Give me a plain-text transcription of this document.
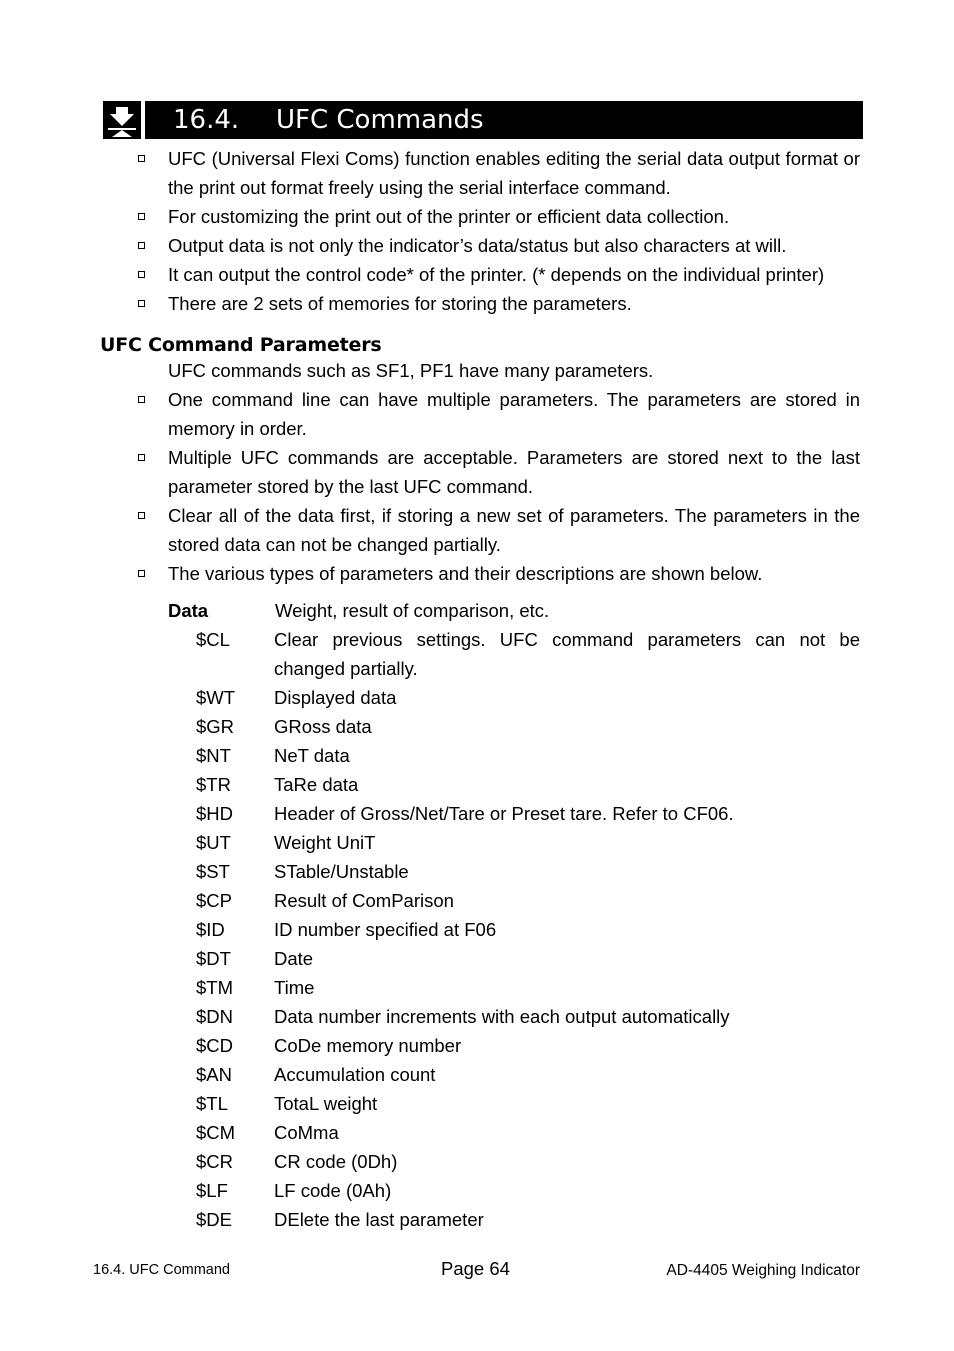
16.4. UFC Commands
UFC (Universal Flexi Coms) function enables editing the serial data output format or the print out format freely using the serial interface command.
For customizing the print out of the printer or efficient data collection.
Output data is not only the indicator’s data/status but also characters at will.
It can output the control code* of the printer. (* depends on the individual printer)
There are 2 sets of memories for storing the parameters.
UFC Command Parameters
UFC commands such as SF1, PF1 have many parameters.
One command line can have multiple parameters. The parameters are stored in memory in order.
Multiple UFC commands are acceptable. Parameters are stored next to the last parameter stored by the last UFC command.
Clear all of the data first, if storing a new set of parameters. The parameters in the stored data can not be changed partially.
The various types of parameters and their descriptions are shown below.
Data	Weight, result of comparison, etc.
$CL Clear previous settings. UFC command parameters can not be changed partially.
$WT Displayed data
$GR GRoss data
$NT NeT data
$TR TaRe data
$HD Header of Gross/Net/Tare or Preset tare. Refer to CF06.
$UT Weight UniT
$ST STable/Unstable
$CP Result of ComParison
$ID	ID number specified at F06
$DT Date
$TM Time
$DN Data number increments with each output automatically
$CD CoDe memory number
$AN Accumulation count
$TL TotaL weight
$CM CoMma
$CR CR code (0Dh)
$LF LF code (0Ah)
$DE DElete the last parameter
16.4. UFC Command	Page 64	AD-4405 Weighing Indicator
